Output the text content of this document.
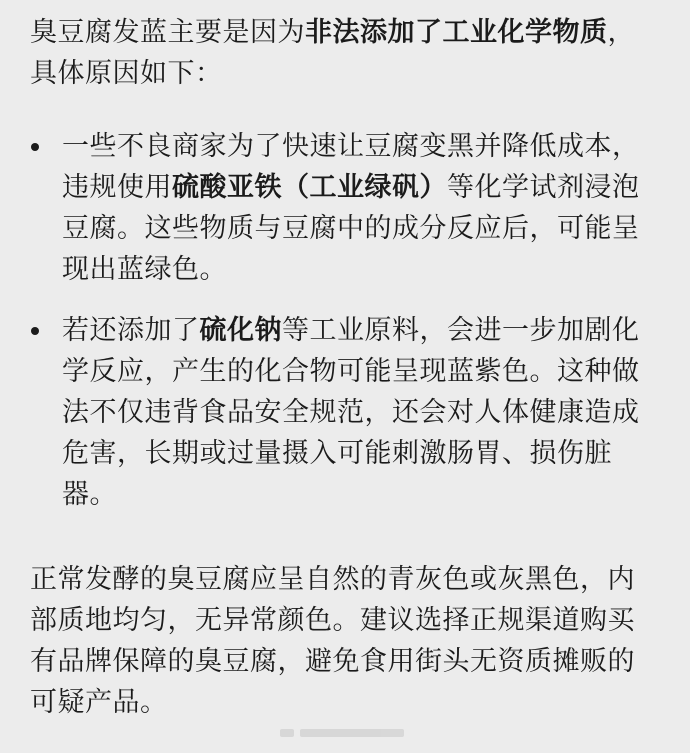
臭豆腐发蓝主要是因为非法添加了工业化学物质，
具体原因如下：
一些不良商家为了快速让豆腐变黑并降低成本，
违规使用硫酸亚铁（工业绿矾）等化学试剂浸泡
豆腐。这些物质与豆腐中的成分反应后，可能呈
现出蓝绿色。
若还添加了硫化钠等工业原料，会进一步加剧化
学反应，产生的化合物可能呈现蓝紫色。这种做
法不仅违背食品安全规范，还会对人体健康造成
危害，长期或过量摄入可能刺激肠胃、损伤脏
器。
正常发酵的臭豆腐应呈自然的青灰色或灰黑色，内
部质地均匀，无异常颜色。建议选择正规渠道购买
有品牌保障的臭豆腐，避免食用街头无资质摊贩的
可疑产品。
